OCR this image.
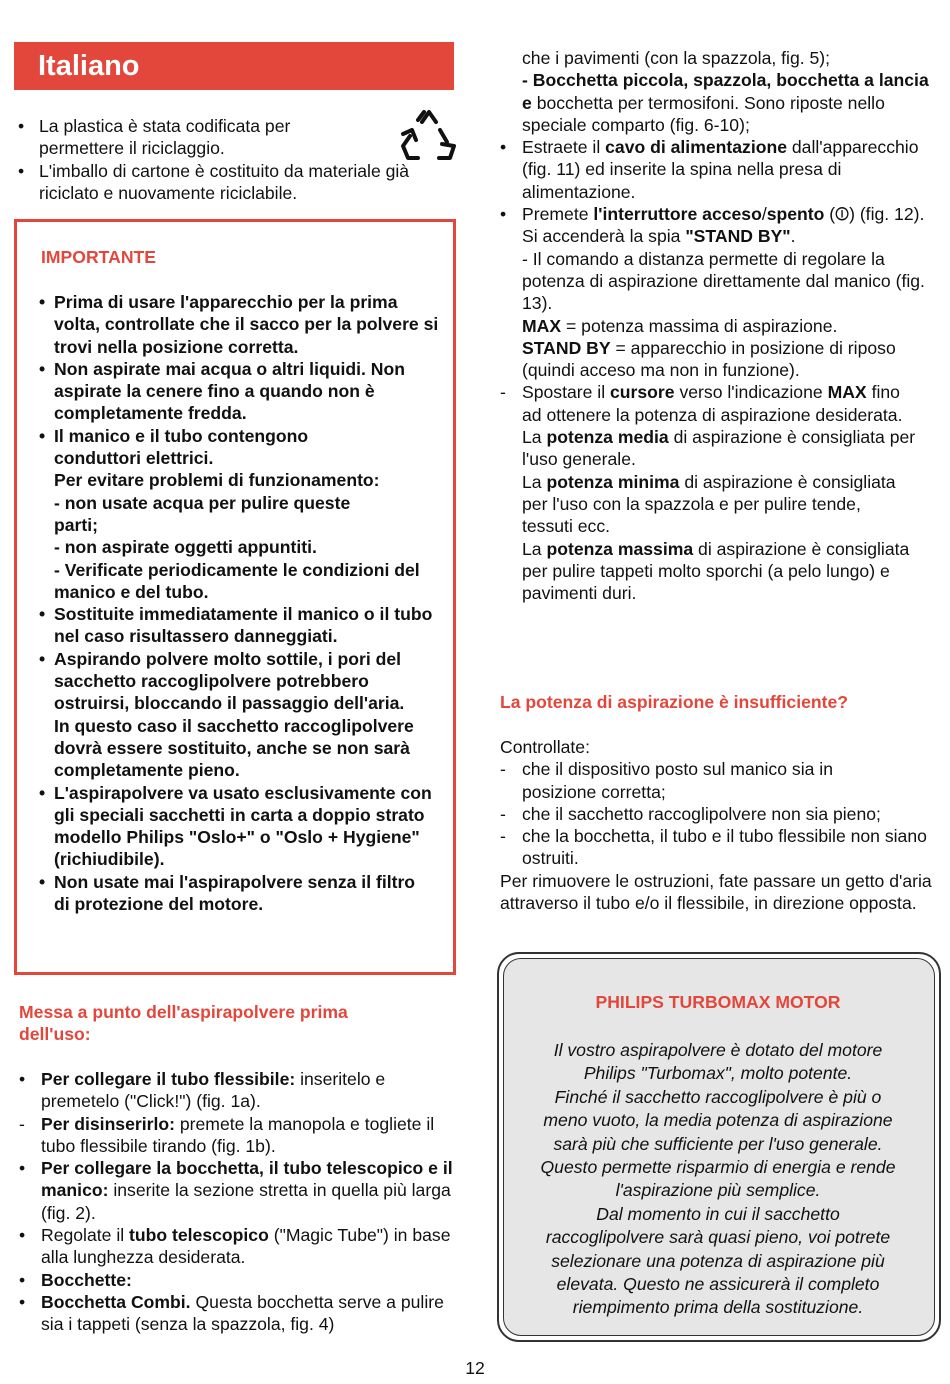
Italiano
• La plastica è stata codificata per permettere il riciclaggio.
• L'imballo di cartone è costituito da materiale già riciclato e nuovamente riciclabile.
IMPORTANTE
• Prima di usare l'apparecchio per la prima volta, controllate che il sacco per la polvere si trovi nella posizione corretta.
• Non aspirate mai acqua o altri liquidi. Non aspirate la cenere fino a quando non è completamente fredda.
• Il manico e il tubo contengono conduttori elettrici.
Per evitare problemi di funzionamento:
- non usate acqua per pulire queste parti;
- non aspirate oggetti appuntiti.
- Verificate periodicamente le condizioni del manico e del tubo.
• Sostituite immediatamente il manico o il tubo nel caso risultassero danneggiati.
• Aspirando polvere molto sottile, i pori del sacchetto raccoglipolvere potrebbero ostruirsi, bloccando il passaggio dell'aria.
In questo caso il sacchetto raccoglipolvere dovrà essere sostituito, anche se non sarà completamente pieno.
• L'aspirapolvere va usato esclusivamente con gli speciali sacchetti in carta a doppio strato modello Philips "Oslo+" o "Oslo + Hygiene" (richiudibile).
• Non usate mai l'aspirapolvere senza il filtro di protezione del motore.
Messa a punto dell'aspirapolvere prima dell'uso:
• Per collegare il tubo flessibile: inseritelo e premetelo ("Click!") (fig. 1a).
- Per disinserirlo: premete la manopola e togliete il tubo flessibile tirando (fig. 1b).
• Per collegare la bocchetta, il tubo telescopico e il manico: inserite la sezione stretta in quella più larga (fig. 2).
• Regolate il tubo telescopico ("Magic Tube") in base alla lunghezza desiderata.
• Bocchette:
• Bocchetta Combi. Questa bocchetta serve a pulire sia i tappeti (senza la spazzola, fig. 4)
che i pavimenti (con la spazzola, fig. 5);
- Bocchetta piccola, spazzola, bocchetta a lancia e bocchetta per termosifoni. Sono riposte nello speciale comparto (fig. 6-10);
• Estraete il cavo di alimentazione dall'apparecchio (fig. 11) ed inserite la spina nella presa di alimentazione.
• Premete l'interruttore acceso/spento (⏼) (fig. 12).
Si accenderà la spia "STAND BY".
- Il comando a distanza permette di regolare la potenza di aspirazione direttamente dal manico (fig. 13).
MAX = potenza massima di aspirazione.
STAND BY = apparecchio in posizione di riposo (quindi acceso ma non in funzione).
- Spostare il cursore verso l'indicazione MAX fino ad ottenere la potenza di aspirazione desiderata.
La potenza media di aspirazione è consigliata per l'uso generale.
La potenza minima di aspirazione è consigliata per l'uso con la spazzola e per pulire tende, tessuti ecc.
La potenza massima di aspirazione è consigliata per pulire tappeti molto sporchi (a pelo lungo) e pavimenti duri.
La potenza di aspirazione è insufficiente?
Controllate:
- che il dispositivo posto sul manico sia in posizione corretta;
- che il sacchetto raccoglipolvere non sia pieno;
- che la bocchetta, il tubo e il tubo flessibile non siano ostruiti.
Per rimuovere le ostruzioni, fate passare un getto d'aria attraverso il tubo e/o il flessibile, in direzione opposta.
PHILIPS TURBOMAX MOTOR
Il vostro aspirapolvere è dotato del motore
Philips "Turbomax", molto potente.
Finché il sacchetto raccoglipolvere è più o
meno vuoto, la media potenza di aspirazione
sarà più che sufficiente per l'uso generale.
Questo permette risparmio di energia e rende
l'aspirazione più semplice.
Dal momento in cui il sacchetto
raccoglipolvere sarà quasi pieno, voi potrete
selezionare una potenza di aspirazione più
elevata. Questo ne assicurerà il completo
riempimento prima della sostituzione.
12
